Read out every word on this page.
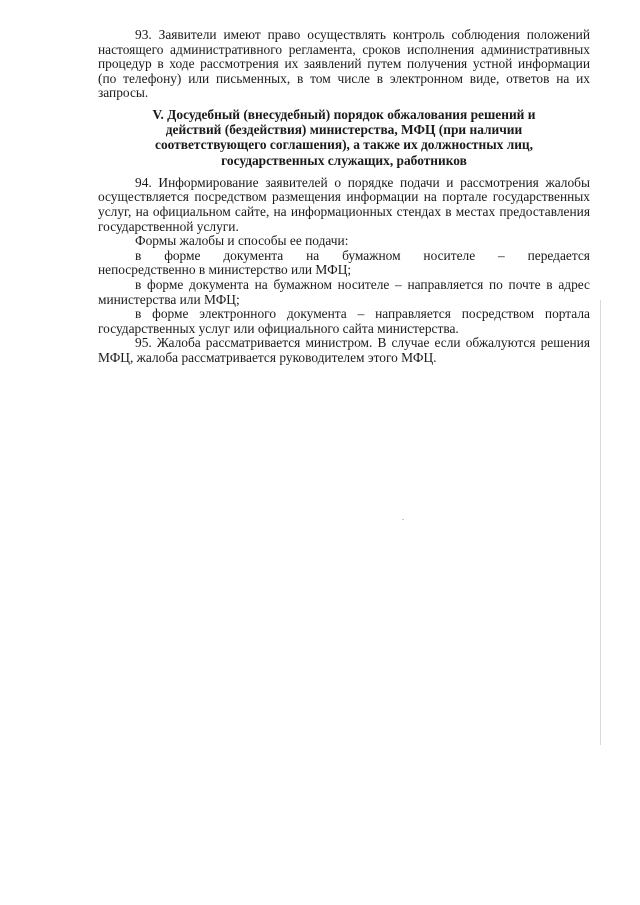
93. Заявители имеют право осуществлять контроль соблюдения положений настоящего административного регламента, сроков исполнения административных процедур в ходе рассмотрения их заявлений путем получения устной информации (по телефону) или письменных, в том числе в электронном виде, ответов на их запросы.

V. Досудебный (внесудебный) порядок обжалования решений и
действий (бездействия) министерства, МФЦ (при наличии
соответствующего соглашения), а также их должностных лиц,
государственных служащих, работников

94. Информирование заявителей о порядке подачи и рассмотрения жалобы осуществляется посредством размещения информации на портале государственных услуг, на официальном сайте, на информационных стендах в местах предоставления государственной услуги.

Формы жалобы и способы ее подачи:

в форме документа на бумажном носителе – передается

непосредственно в министерство или МФЦ;

в форме документа на бумажном носителе – направляется по почте в адрес министерства или МФЦ;

в форме электронного документа – направляется посредством портала государственных услуг или официального сайта министерства.

95. Жалоба рассматривается министром. В случае если обжалуются решения МФЦ, жалоба рассматривается руководителем этого МФЦ.
